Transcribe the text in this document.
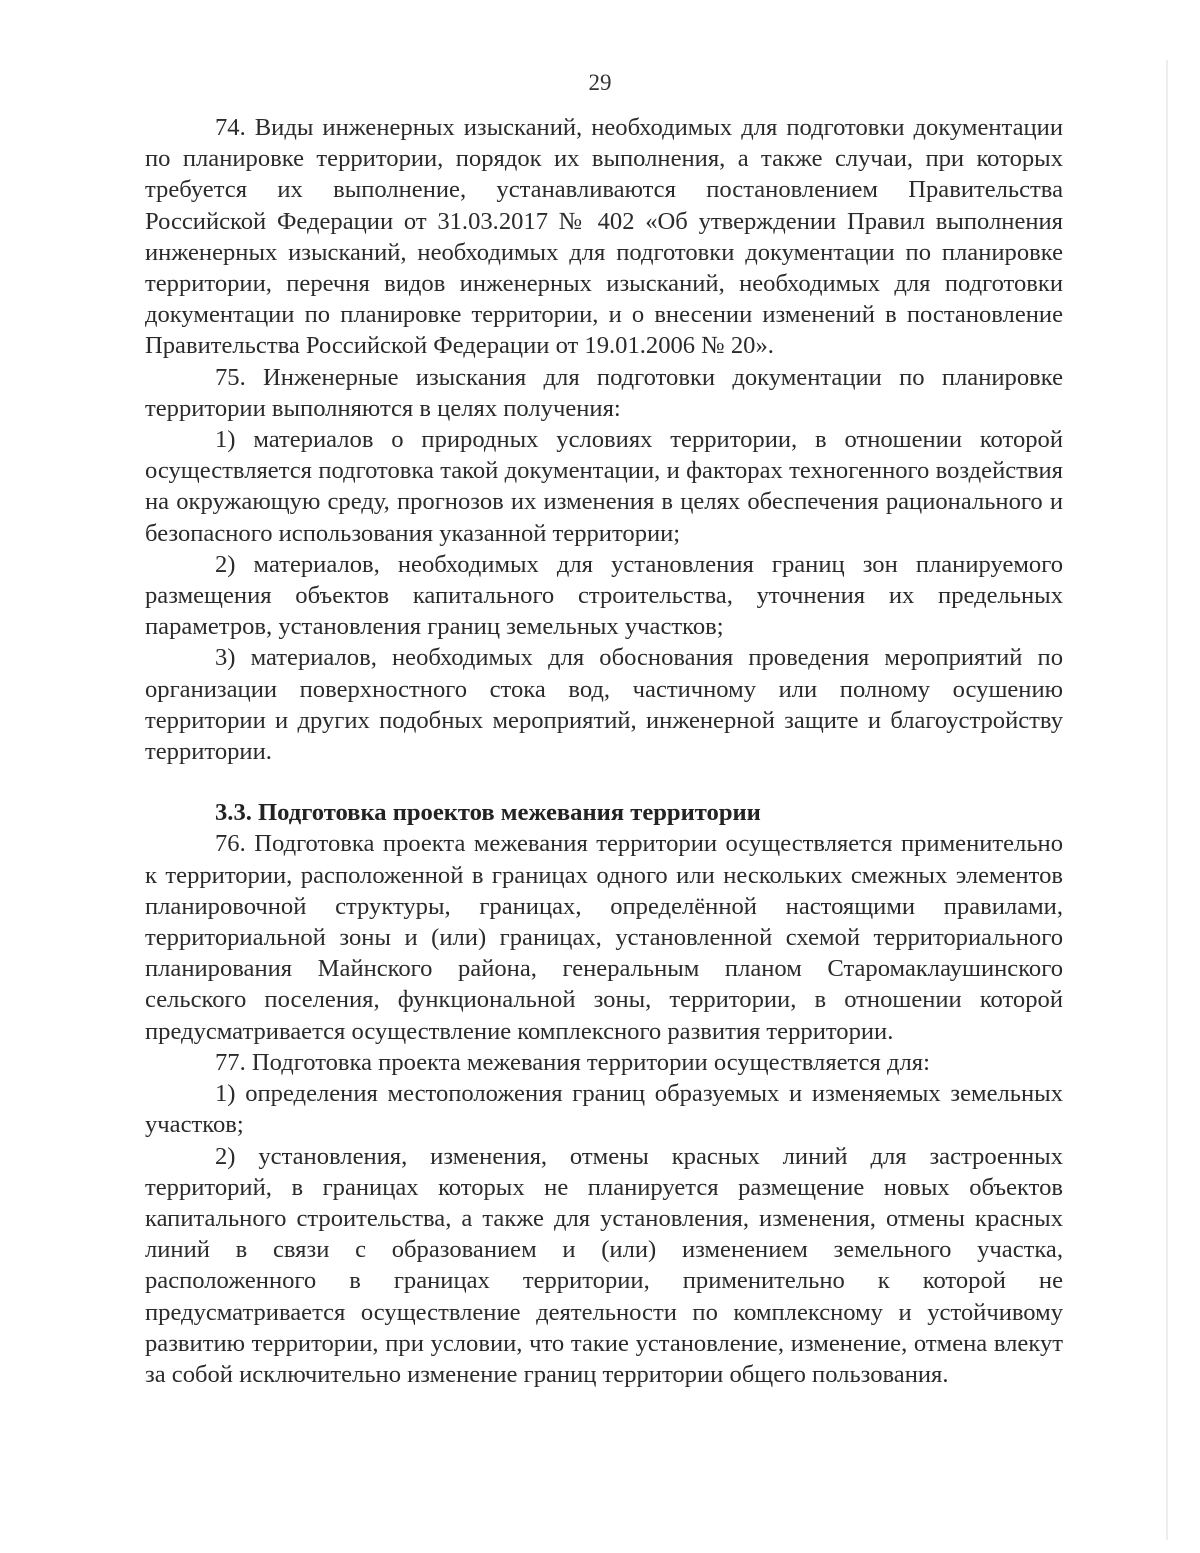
29

74. Виды инженерных изысканий, необходимых для подготовки документации по планировке территории, порядок их выполнения, а также случаи, при которых требуется их выполнение, устанавливаются постановлением Правительства Российской Федерации от 31.03.2017 № 402 «Об утверждении Правил выполнения инженерных изысканий, необходимых для подготовки документации по планировке территории, перечня видов инженерных изысканий, необходимых для подготовки документации по планировке территории, и о внесении изменений в постановление Правительства Российской Федерации от 19.01.2006 № 20».

75. Инженерные изыскания для подготовки документации по планировке территории выполняются в целях получения:

1) материалов о природных условиях территории, в отношении которой осуществляется подготовка такой документации, и факторах техногенного воздействия на окружающую среду, прогнозов их изменения в целях обеспечения рационального и безопасного использования указанной территории;

2) материалов, необходимых для установления границ зон планируемого размещения объектов капитального строительства, уточнения их предельных параметров, установления границ земельных участков;

3) материалов, необходимых для обоснования проведения мероприятий по организации поверхностного стока вод, частичному или полному осушению территории и других подобных мероприятий, инженерной защите и благоустройству территории.

3.3. Подготовка проектов межевания территории

76. Подготовка проекта межевания территории осуществляется применительно к территории, расположенной в границах одного или нескольких смежных элементов планировочной структуры, границах, определённой настоящими правилами, территориальной зоны и (или) границах, установленной схемой территориального планирования Майнского района, генеральным планом Старомаклаушинского сельского поселения, функциональной зоны, территории, в отношении которой предусматривается осуществление комплексного развития территории.

77. Подготовка проекта межевания территории осуществляется для:

1) определения местоположения границ образуемых и изменяемых земельных участков;

2) установления, изменения, отмены красных линий для застроенных территорий, в границах которых не планируется размещение новых объектов капитального строительства, а также для установления, изменения, отмены красных линий в связи с образованием и (или) изменением земельного участка, расположенного в границах территории, применительно к которой не предусматривается осуществление деятельности по комплексному и устойчивому развитию территории, при условии, что такие установление, изменение, отмена влекут за собой исключительно изменение границ территории общего пользования.
